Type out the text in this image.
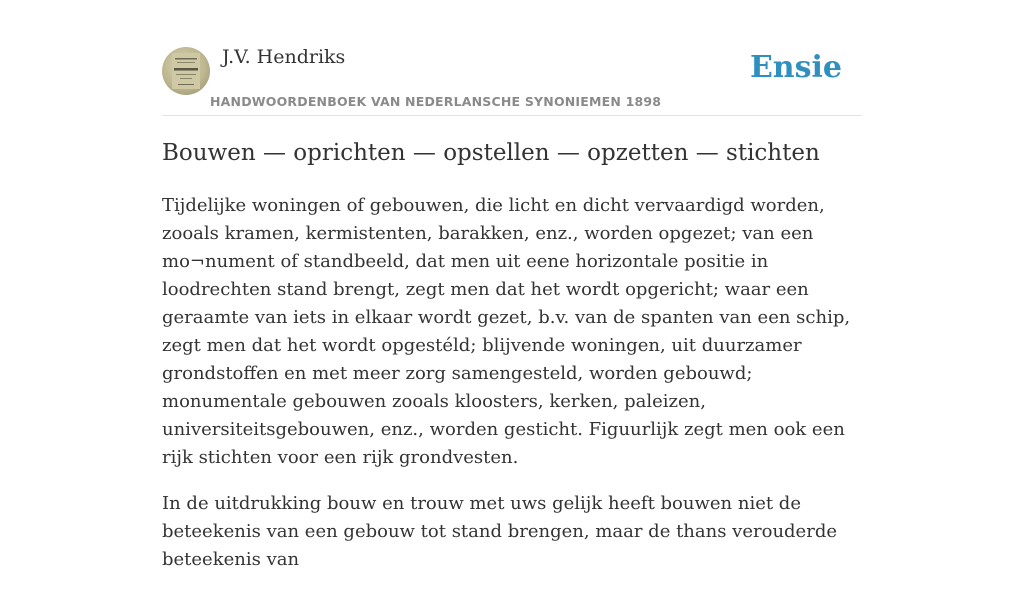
J.V. Hendriks
HANDWOORDENBOEK VAN NEDERLANSCHE SYNONIEMEN 1898
Ensie
Bouwen — oprichten — opstellen — opzetten — stichten

Tijdelijke woningen of gebouwen, die licht en dicht vervaardigd worden, zooals kramen, kermistenten, barakken, enz., worden opgezet; van een mo¬nument of standbeeld, dat men uit eene horizontale positie in loodrechten stand brengt, zegt men dat het wordt opgericht; waar een geraamte van iets in elkaar wordt gezet, b.v. van de spanten van een schip, zegt men dat het wordt opgestéld; blijvende woningen, uit duurzamer grondstoffen en met meer zorg samengesteld, worden gebouwd; monumentale gebouwen zooals kloosters, kerken, paleizen, universiteitsgebouwen, enz., worden gesticht. Figuurlijk zegt men ook een rijk stichten voor een rijk grondvesten.

In de uitdrukking bouw en trouw met uws gelijk heeft bouwen niet de beteekenis van een gebouw tot stand brengen, maar de thans verouderde beteekenis van
